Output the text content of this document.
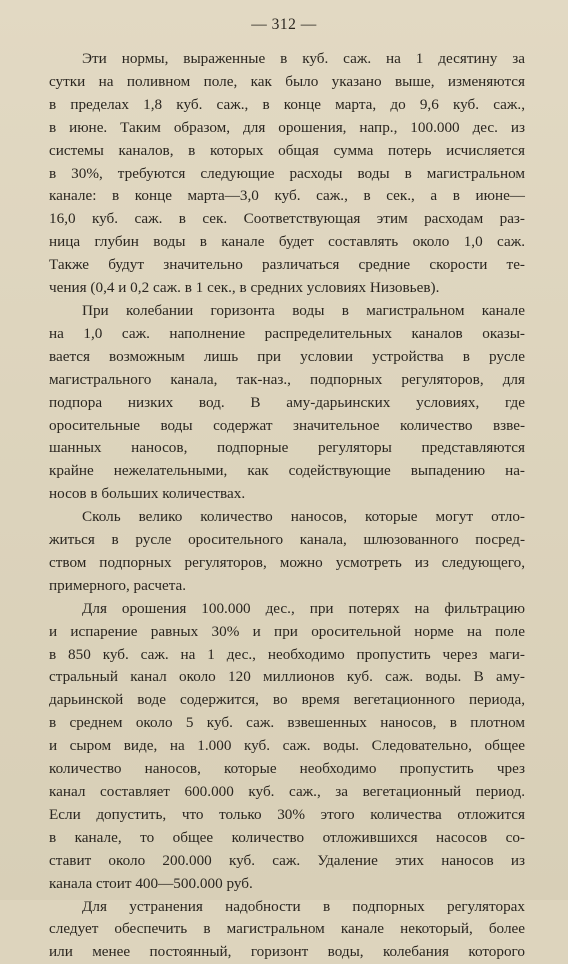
— 312 —

Эти нормы, выраженные в куб. саж. на 1 десятину за
сутки на поливном поле, как было указано выше, изменяются
в пределах 1,8 куб. саж., в конце марта, до 9,6 куб. саж.,
в июне. Таким образом, для орошения, напр., 100.000 дес. из
системы каналов, в которых общая сумма потерь исчисляется
в 30%, требуются следующие расходы воды в магистральном
канале: в конце марта—3,0 куб. саж., в сек., а в июне—
16,0 куб. саж. в сек. Соответствующая этим расходам раз-
ница глубин воды в канале будет составлять около 1,0 саж.
Также будут значительно различаться средние скорости те-
чения (0,4 и 0,2 саж. в 1 сек., в средних условиях Низовьев).

При колебании горизонта воды в магистральном канале
на 1,0 саж. наполнение распределительных каналов оказы-
вается возможным лишь при условии устройства в русле
магистрального канала, так-наз., подпорных регуляторов, для
подпора низких вод. В аму-дарьинских условиях, где
оросительные воды содержат значительное количество взве-
шанных наносов, подпорные регуляторы представляются
крайне нежелательными, как содействующие выпадению на-
носов в больших количествах.

Сколь велико количество наносов, которые могут отло-
житься в русле оросительного канала, шлюзованного посред-
ством подпорных регуляторов, можно усмотреть из следующего,
примерного, расчета.

Для орошения 100.000 дес., при потерях на фильтрацию
и испарение равных 30% и при оросительной норме на поле
в 850 куб. саж. на 1 дес., необходимо пропустить через маги-
стральный канал около 120 миллионов куб. саж. воды. В аму-
дарьинской воде содержится, во время вегетационного периода,
в среднем около 5 куб. саж. взвешенных наносов, в плотном
и сыром виде, на 1.000 куб. саж. воды. Следовательно, общее
количество наносов, которые необходимо пропустить чрез
канал составляет 600.000 куб. саж., за вегетационный период.
Если допустить, что только 30% этого количества отложится
в канале, то общее количество отложившихся насосов со-
ставит около 200.000 куб. саж. Удаление этих наносов из
канала стоит 400—500.000 руб.

Для устранения надобности в подпорных регуляторах
следует обеспечить в магистральном канале некоторый, более
или менее постоянный, горизонт воды, колебания которого
